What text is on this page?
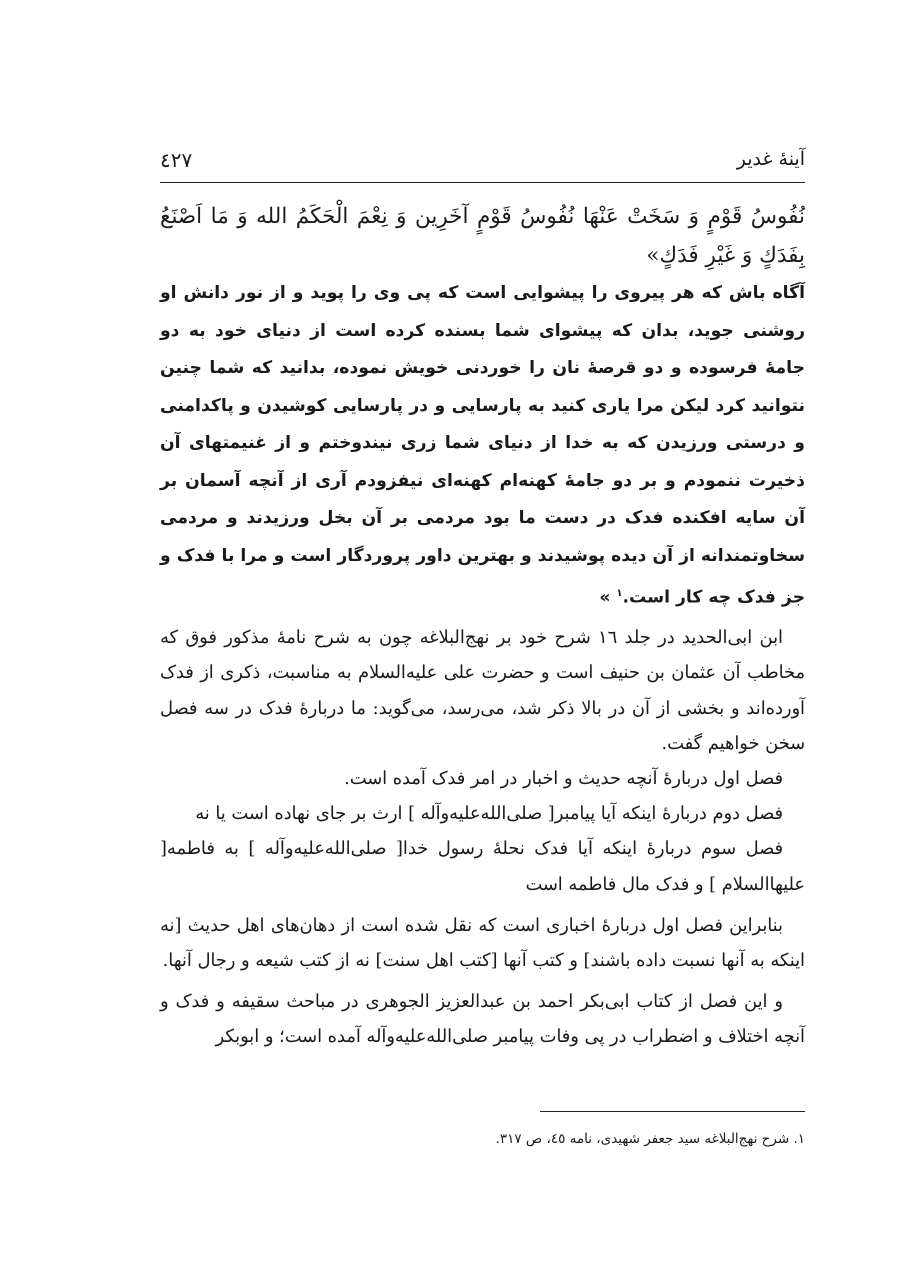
آینهٔ غدیر
٤٢٧

نُفُوسُ قَوْمٍ وَ سَخَتْ عَنْهَا نُفُوسُ قَوْمٍ آخَرِين وَ نِعْمَ الْحَكَمُ الله وَ مَا اَصْنَعُ بِفَدَكٍ وَ غَيْرِ فَدَكٍ»

آگاه باش که هر پیروی را پیشوایی است که پی وی را پوید و از نور دانش او روشنی جوید، بدان که پیشوای شما بسنده کرده است از دنیای خود به دو جامهٔ فرسوده و دو قرصهٔ نان را خوردنی خویش نموده، بدانید که شما چنین نتوانید کرد لیکن مرا یاری کنید به پارسایی و در پارسایی کوشیدن و پاکدامنی و درستی ورزیدن که به خدا از دنیای شما زری نیندوختم و از غنیمتهای آن ذخیرت ننمودم و بر دو جامهٔ کهنه‌ام کهنه‌ای نیفزودم آری از آنچه آسمان بر آن سایه افکنده فدک در دست ما بود مردمی بر آن بخل ورزیدند و مردمی سخاوتمندانه از آن دیده پوشیدند و بهترین داور پروردگار است و مرا با فدک و جز فدک چه کار است.$^۱$ »

ابن ابی‌الحدید در جلد ١٦ شرح خود بر نهج‌البلاغه چون به شرح نامهٔ مذکور فوق که مخاطب آن عثمان بن حنیف است و حضرت علی علیه‌السلام به مناسبت، ذکری از فدک آورده‌اند و بخشی از آن در بالا ذکر شد، می‌رسد، می‌گوید: ما دربارهٔ فدک در سه فصل سخن خواهیم گفت.

فصل اول دربارهٔ آنچه حدیث و اخبار در امر فدک آمده است.

فصل دوم دربارهٔ اینکه آیا پیامبر[ صلی‌الله‌علیه‌وآله ] ارث بر جای نهاده است یا نه

فصل سوم دربارهٔ اینکه آیا فدک نحلهٔ رسول خدا[ صلی‌الله‌علیه‌وآله ] به فاطمه[ علیهاالسلام ] و فدک مال فاطمه است

بنابراین فصل اول دربارهٔ اخباری است که نقل شده است از دهان‌های اهل حدیث [نه اینکه به آنها نسبت داده باشند] و کتب آنها [کتب اهل سنت] نه از کتب شیعه و رجال آنها.

و این فصل از کتاب ابی‌بکر احمد بن عبدالعزیز الجوهری در مباحث سقیفه و فدک و آنچه اختلاف و اضطراب در پی وفات پیامبر صلی‌الله‌علیه‌وآله آمده است؛ و ابوبکر

۱. شرح نهج‌البلاغه سید جعفر شهیدی، نامه ٤٥، ص ٣١٧.
